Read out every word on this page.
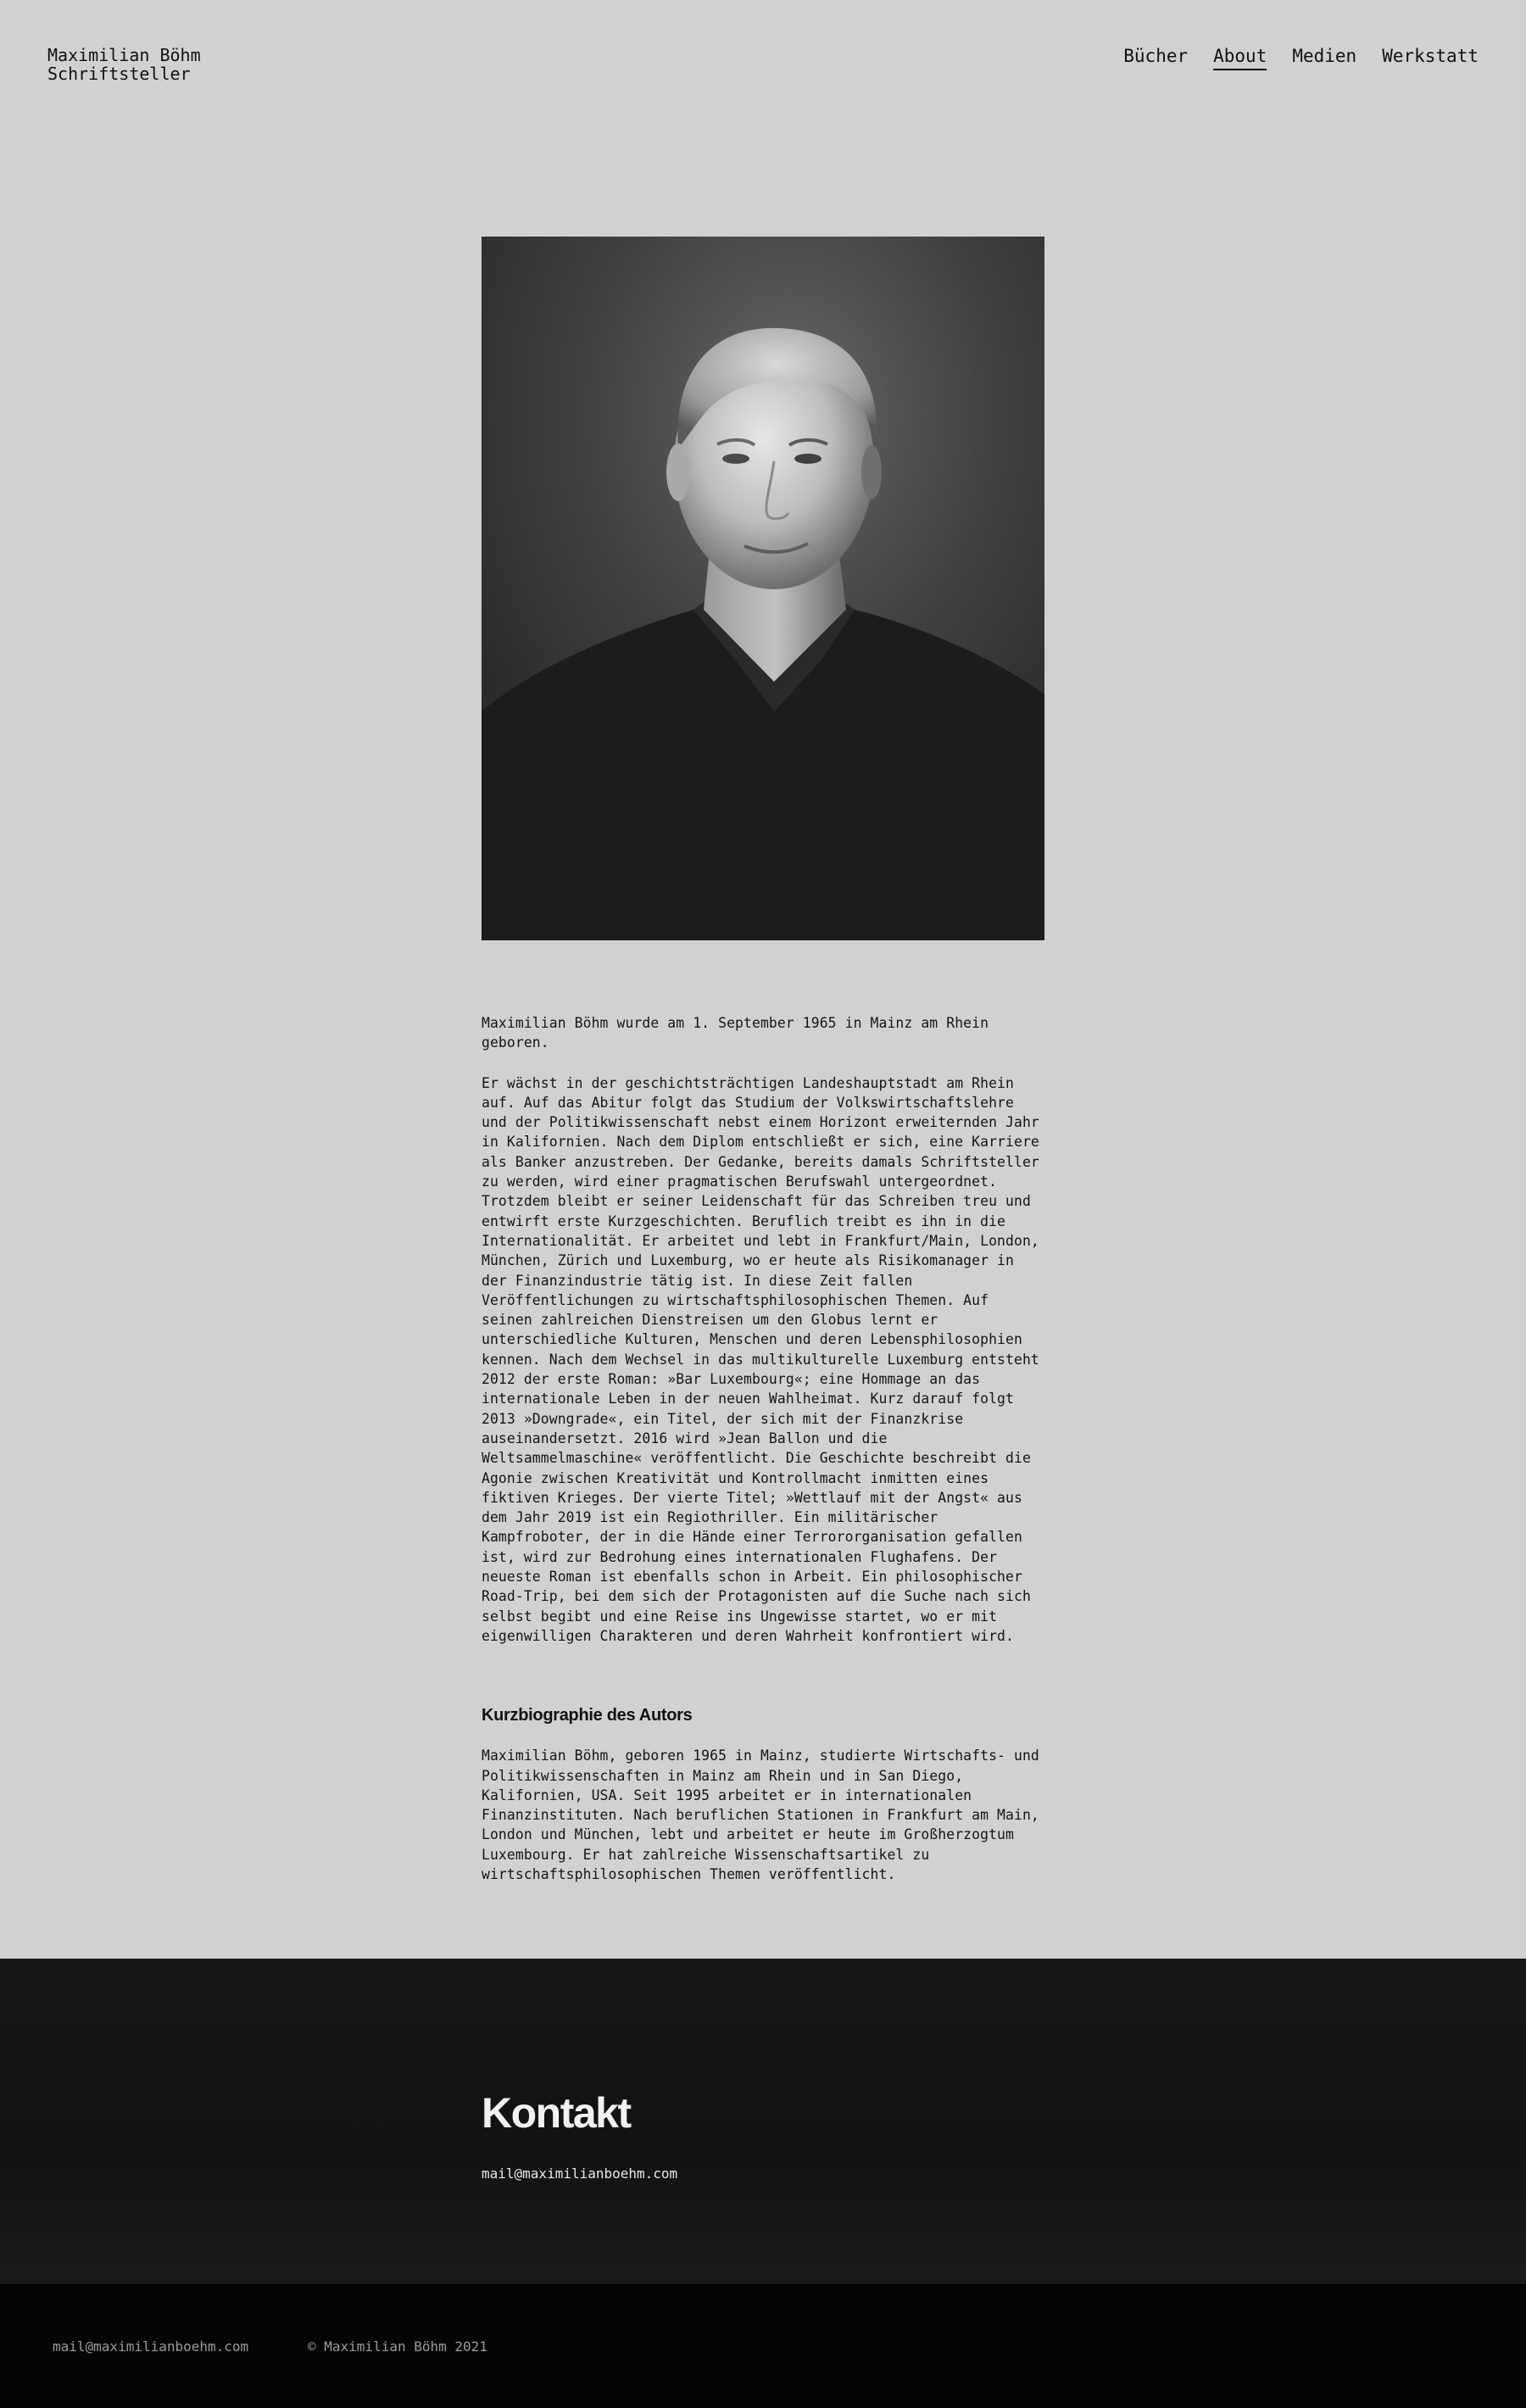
Maximilian Böhm
Schriftsteller
Bücher About Medien Werkstatt

Maximilian Böhm wurde am 1. September 1965 in Mainz am Rhein geboren.

Er wächst in der geschichtsträchtigen Landeshauptstadt am Rhein auf. Auf das Abitur folgt das Studium der Volkswirtschaftslehre und der Politikwissenschaft nebst einem Horizont erweiternden Jahr in Kalifornien. Nach dem Diplom entschließt er sich, eine Karriere als Banker anzustreben. Der Gedanke, bereits damals Schriftsteller zu werden, wird einer pragmatischen Berufswahl untergeordnet. Trotzdem bleibt er seiner Leidenschaft für das Schreiben treu und entwirft erste Kurzgeschichten. Beruflich treibt es ihn in die Internationalität. Er arbeitet und lebt in Frankfurt/Main, London, München, Zürich und Luxemburg, wo er heute als Risikomanager in der Finanzindustrie tätig ist. In diese Zeit fallen Veröffentlichungen zu wirtschaftsphilosophischen Themen. Auf seinen zahlreichen Dienstreisen um den Globus lernt er unterschiedliche Kulturen, Menschen und deren Lebensphilosophien kennen. Nach dem Wechsel in das multikulturelle Luxemburg entsteht 2012 der erste Roman: »Bar Luxembourg«; eine Hommage an das internationale Leben in der neuen Wahlheimat. Kurz darauf folgt 2013 »Downgrade«, ein Titel, der sich mit der Finanzkrise auseinandersetzt. 2016 wird »Jean Ballon und die Weltsammelmaschine« veröffentlicht. Die Geschichte beschreibt die Agonie zwischen Kreativität und Kontrollmacht inmitten eines fiktiven Krieges. Der vierte Titel; »Wettlauf mit der Angst« aus dem Jahr 2019 ist ein Regiothriller. Ein militärischer Kampfroboter, der in die Hände einer Terrororganisation gefallen ist, wird zur Bedrohung eines internationalen Flughafens. Der neueste Roman ist ebenfalls schon in Arbeit. Ein philosophischer Road-Trip, bei dem sich der Protagonisten auf die Suche nach sich selbst begibt und eine Reise ins Ungewisse startet, wo er mit eigenwilligen Charakteren und deren Wahrheit konfrontiert wird.

Kurzbiographie des Autors

Maximilian Böhm, geboren 1965 in Mainz, studierte Wirtschafts- und Politikwissenschaften in Mainz am Rhein und in San Diego, Kalifornien, USA. Seit 1995 arbeitet er in internationalen Finanzinstituten. Nach beruflichen Stationen in Frankfurt am Main, London und München, lebt und arbeitet er heute im Großherzogtum Luxembourg. Er hat zahlreiche Wissenschaftsartikel zu wirtschaftsphilosophischen Themen veröffentlicht.

Kontakt
mail@maximilianboehm.com
mail@maximilianboehm.com	© Maximilian Böhm 2021
